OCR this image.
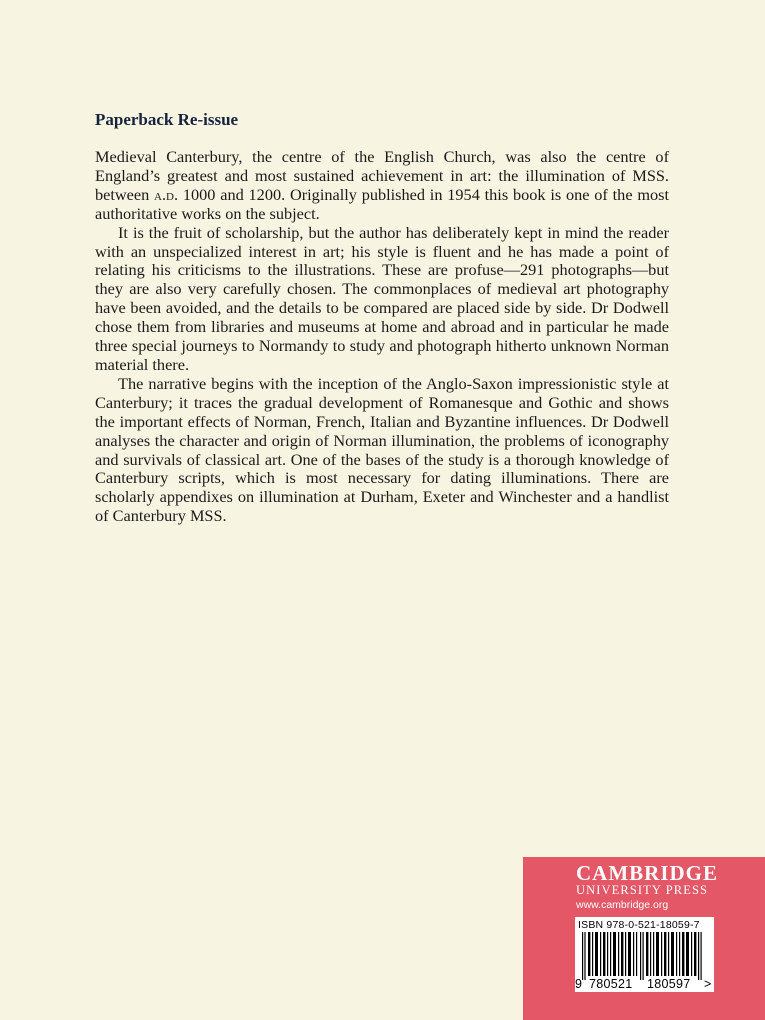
Paperback Re-issue

Medieval Canterbury, the centre of the English Church, was also the centre of England’s greatest and most sustained achievement in art: the illumination of MSS. between a.d. 1000 and 1200. Originally published in 1954 this book is one of the most authoritative works on the subject.

It is the fruit of scholarship, but the author has deliberately kept in mind the reader with an unspecialized interest in art; his style is fluent and he has made a point of relating his criticisms to the illustrations. These are profuse—291 photographs—but they are also very carefully chosen. The commonplaces of medieval art photography have been avoided, and the details to be compared are placed side by side. Dr Dodwell chose them from libraries and museums at home and abroad and in particular he made three special journeys to Normandy to study and photograph hitherto unknown Norman material there.

The narrative begins with the inception of the Anglo-Saxon impressionistic style at Canterbury; it traces the gradual development of Romanesque and Gothic and shows the important effects of Norman, French, Italian and Byzantine influences. Dr Dodwell analyses the character and origin of Norman illumination, the problems of iconography and survivals of classical art. One of the bases of the study is a thorough knowledge of Canterbury scripts, which is most necessary for dating illuminations. There are scholarly appendixes on illumination at Durham, Exeter and Winchester and a handlist of Canterbury MSS.

CAMBRIDGE
UNIVERSITY PRESS
www.cambridge.org
ISBN 978-0-521-18059-7
9 780521 180597 >
